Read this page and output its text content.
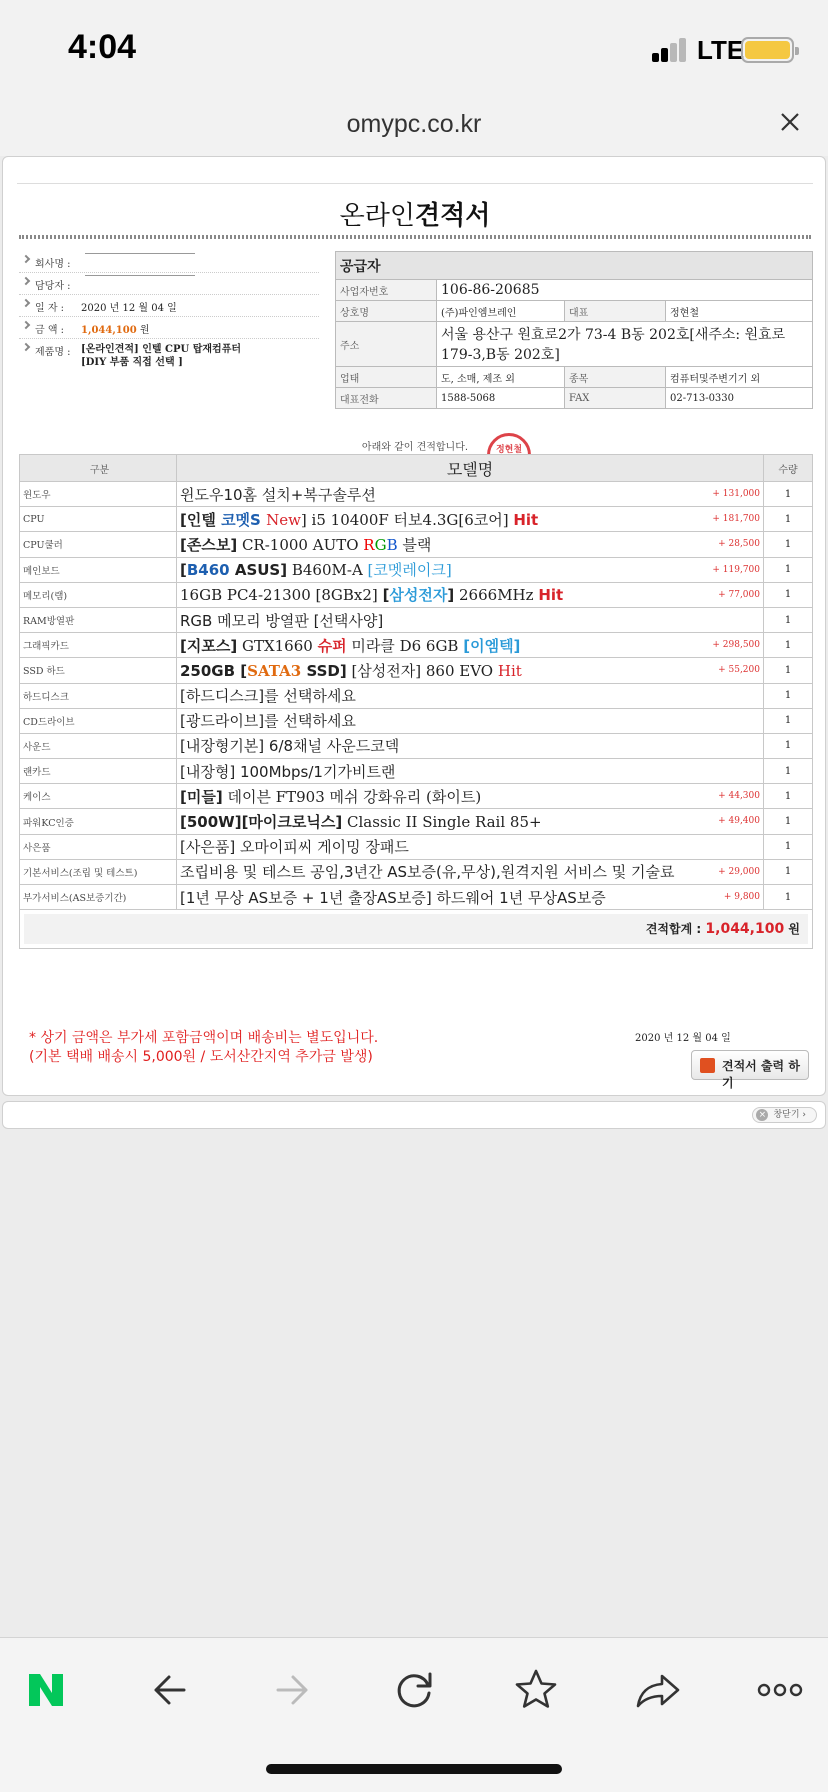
4:04	LTE
omypc.co.kr
온라인견적서
회사명 :
담당자 :
일 자 : 2020 년 12 월 04 일
금 액 : 1,044,100 원
제품명 : [온라인견적] 인텔 CPU 탑재컴퓨터
[DIY 부품 직접 선택 ]
공급자			
사업자번호	106-86-20685		
상호명	(주)파인엠브레인	대표	정현철
주소	서울 용산구 원효로2가 73-4 B동 202호[새주소: 원효로 179-3,B동 202호]		
업태	도, 소매, 제조 외	종목	컴퓨터및주변기기 외
대표전화	1588-5068	FAX	02-713-0330
정현철
아래와 같이 견적합니다.
구분	모델명	수량
윈도우	윈도우10홈 설치+복구솔루션 + 131,000	1
CPU	[인텔 코멧S New] i5 10400F 터보4.3G[6코어] Hit + 181,700	1
CPU쿨러	[존스보] CR-1000 AUTO RGB 블랙 + 28,500	1
메인보드	[B460 ASUS] B460M-A [코멧레이크] + 119,700	1
메모리(램)	16GB PC4-21300 [8GBx2] [삼성전자] 2666MHz Hit + 77,000	1
RAM방열판	RGB 메모리 방열판 [선택사양]	1
그래픽카드	[지포스] GTX1660 슈퍼 미라클 D6 6GB [이엠텍] + 298,500	1
SSD 하드	250GB [SATA3 SSD] [삼성전자] 860 EVO Hit + 55,200	1
하드디스크	[하드디스크]를 선택하세요	1
CD드라이브	[광드라이브]를 선택하세요	1
사운드	[내장형기본] 6/8채널 사운드코덱	1
랜카드	[내장형] 100Mbps/1기가비트랜	1
케이스	[미들] 데이븐 FT903 메쉬 강화유리 (화이트) + 44,300	1
파워KC인증	[500W][마이크로닉스] Classic II Single Rail 85+ + 49,400	1
사은품	[사은품] 오마이피씨 게이밍 장패드	1
기본서비스(조립 및 테스트)	조립비용 및 테스트 공임,3년간 AS보증(유,무상),원격지원 서비스 및 기술료 + 29,000	1
부가서비스(AS보증기간)	[1년 무상 AS보증 + 1년 출장AS보증] 하드웨어 1년 무상AS보증 + 9,800	1

견적합계 : 1,044,100 원		
* 상기 금액은 부가세 포함금액이며 배송비는 별도입니다.
(기본 택배 배송시 5,000원 / 도서산간지역 추가금 발생)
2020 년 12 월 04 일
견적서 출력 하기
× 창닫기 ›
